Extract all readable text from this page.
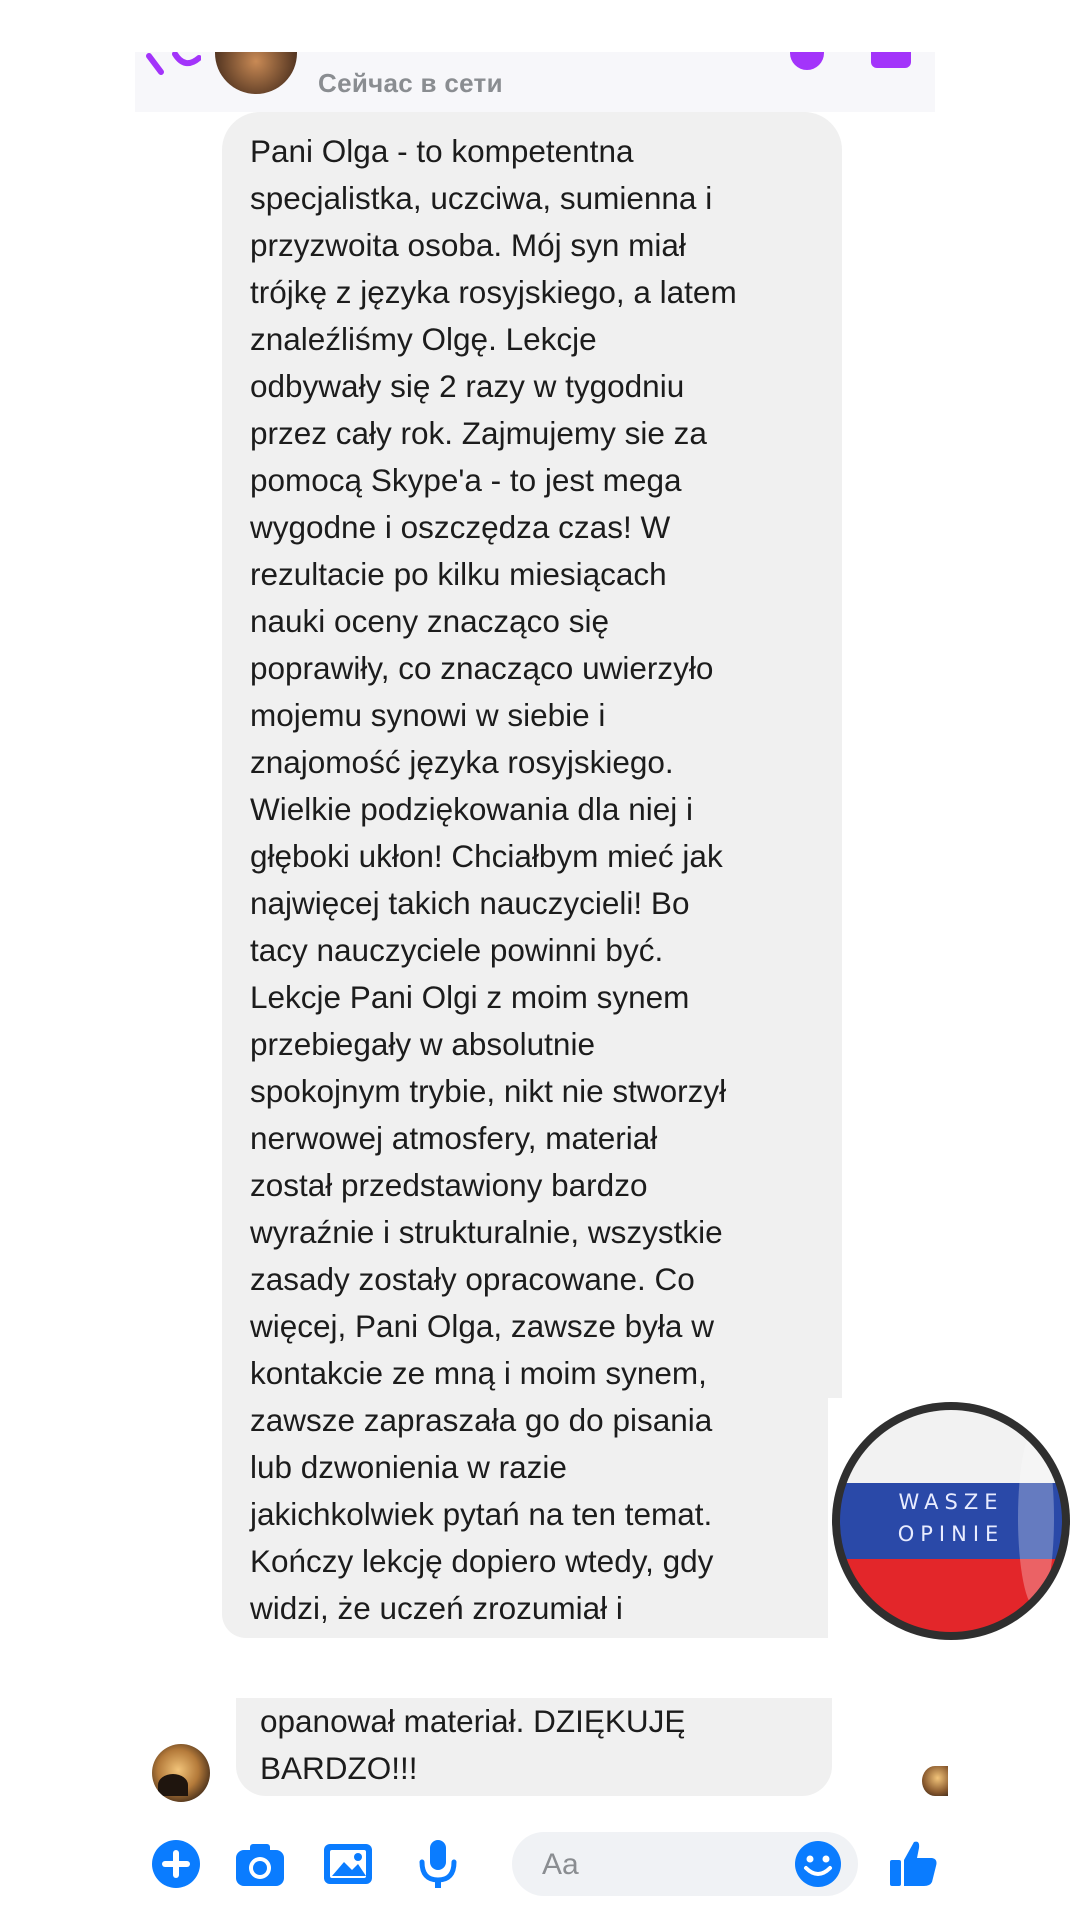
Сейчас в сети
Pani Olga - to kompetentna
specjalistka, uczciwa, sumienna i
przyzwoita osoba. Mój syn miał
trójkę z języka rosyjskiego, a latem
znaleźliśmy Olgę. Lekcje
odbywały się 2 razy w tygodniu
przez cały rok. Zajmujemy sie za
pomocą Skype'a - to jest mega
wygodne i oszczędza czas! W
rezultacie po kilku miesiącach
nauki oceny znacząco się
poprawiły, co znacząco uwierzyło
mojemu synowi w siebie i
znajomość języka rosyjskiego.
Wielkie podziękowania dla niej i
głęboki ukłon! Chciałbym mieć jak
najwięcej takich nauczycieli! Bo
tacy nauczyciele powinni być.
Lekcje Pani Olgi z moim synem
przebiegały w absolutnie
spokojnym trybie, nikt nie stworzył
nerwowej atmosfery, materiał
został przedstawiony bardzo
wyraźnie i strukturalnie, wszystkie
zasady zostały opracowane. Co
więcej, Pani Olga, zawsze była w
kontakcie ze mną i moim synem,
zawsze zapraszała go do pisania
lub dzwonienia w razie
jakichkolwiek pytań na ten temat.
Kończy lekcję dopiero wtedy, gdy
widzi, że uczeń zrozumiał i
opanował materiał. DZIĘKUJĘ
BARDZO!!!
Aa
WASZE
OPINIE
